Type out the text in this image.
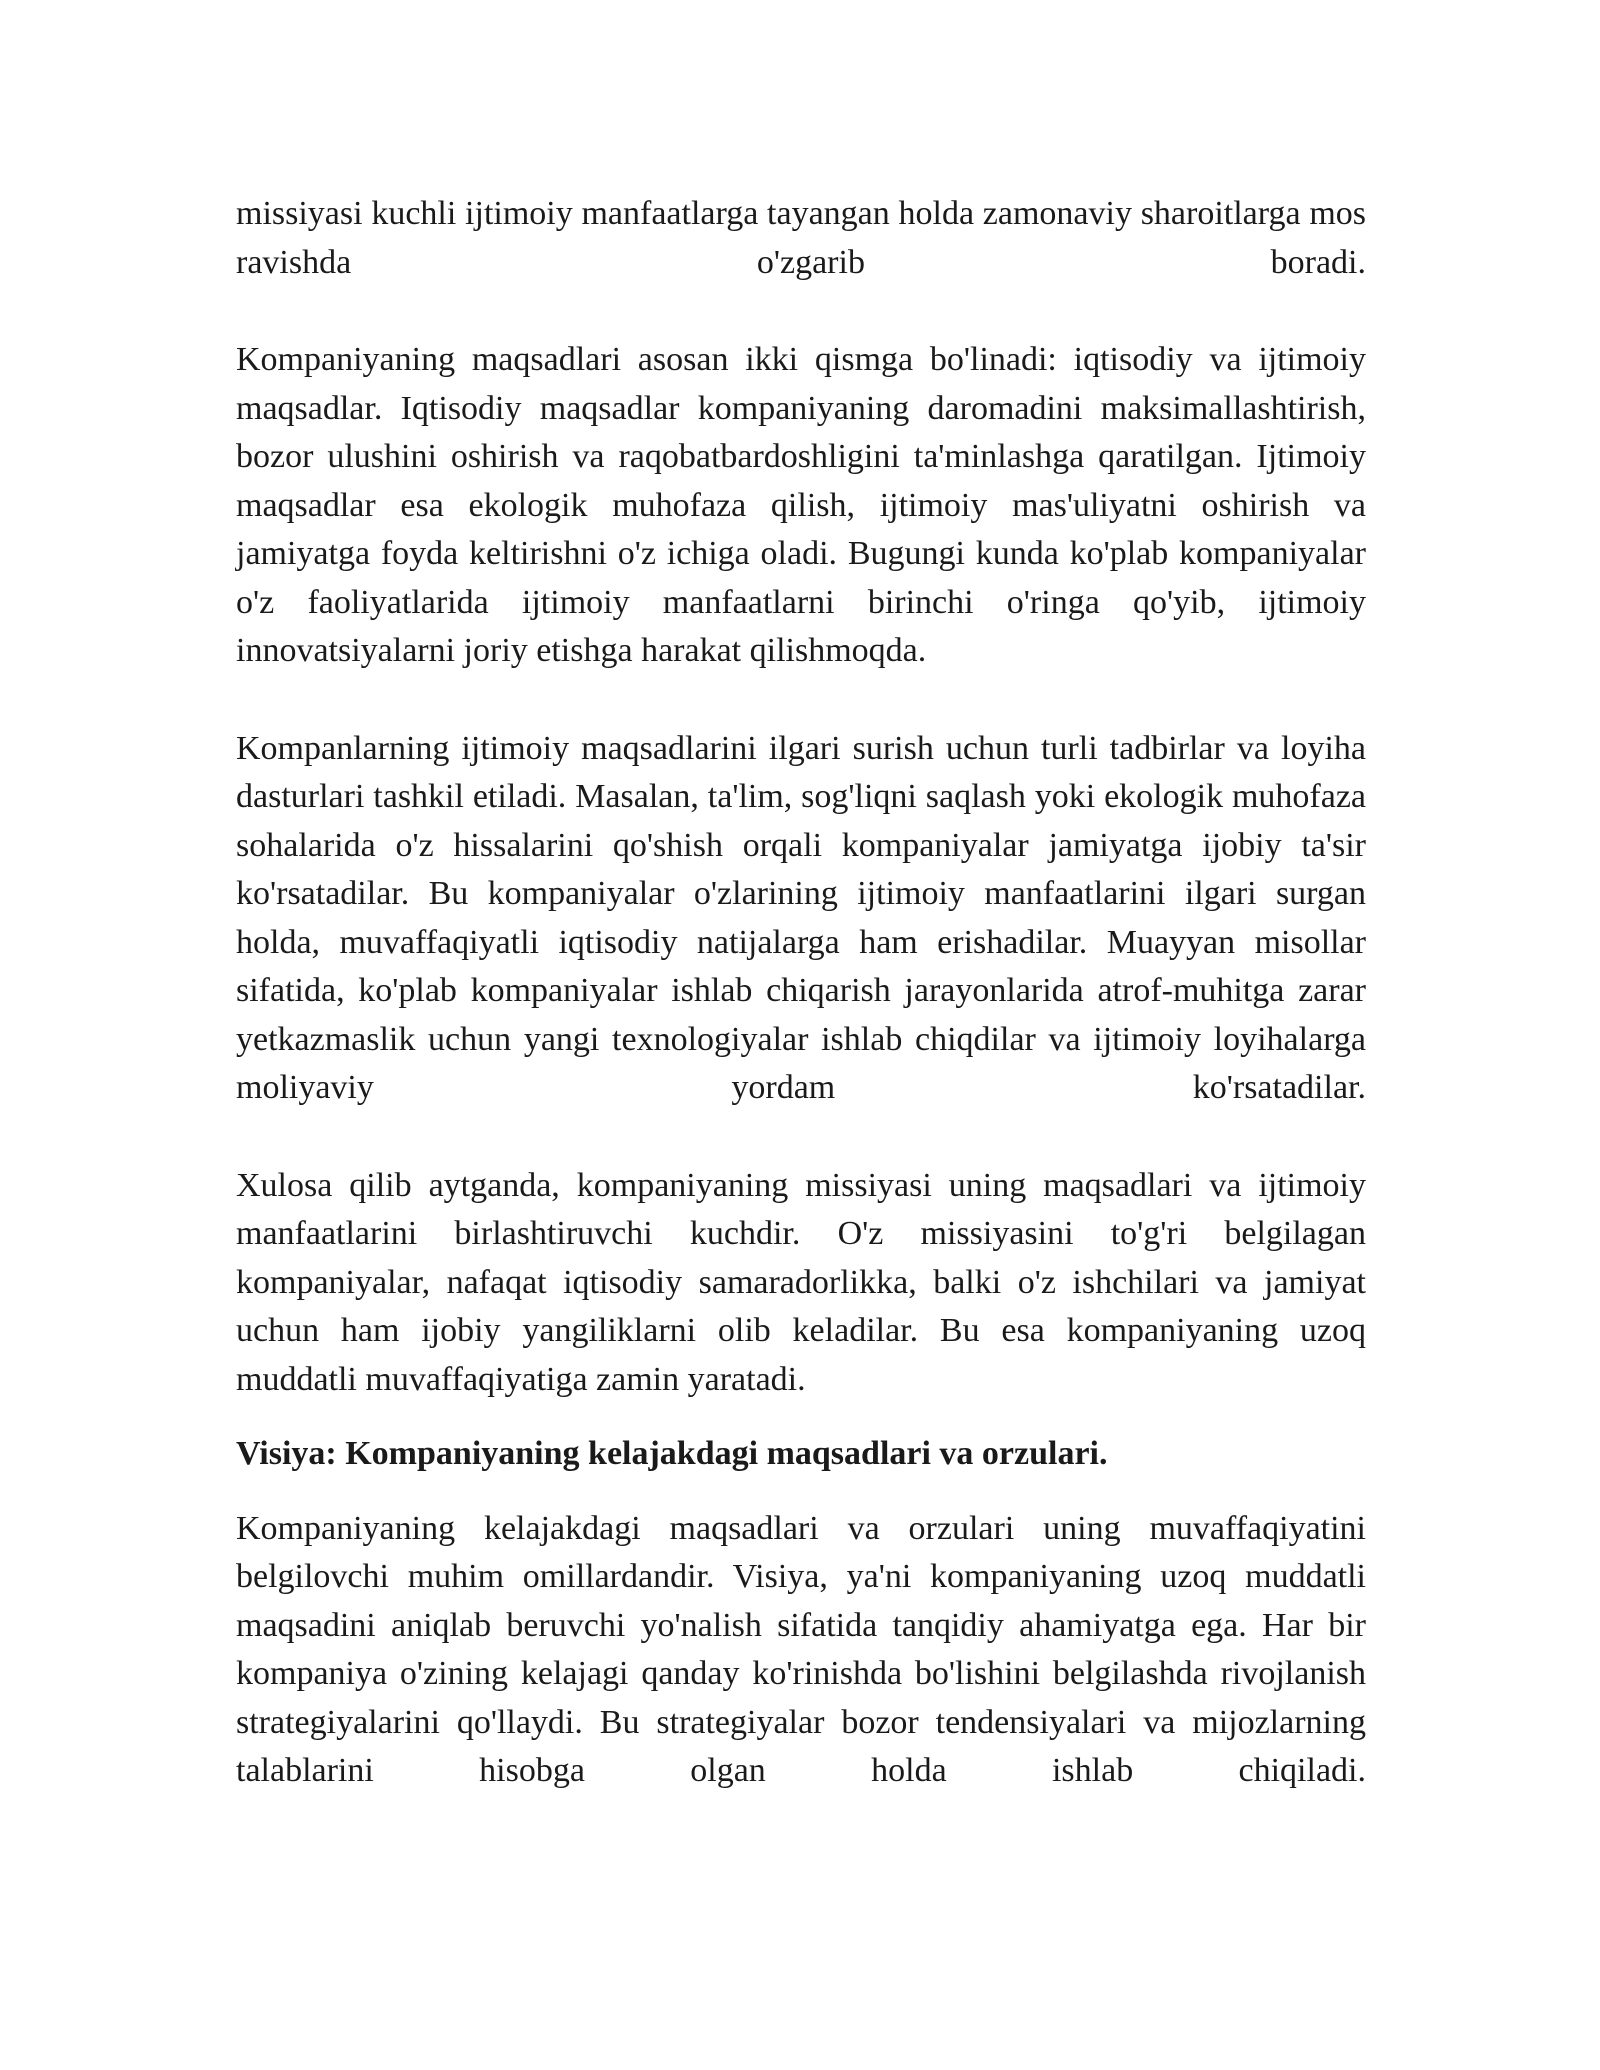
missiyasi kuchli ijtimoiy manfaatlarga tayangan holda zamonaviy sharoitlarga mos ravishda o'zgarib boradi.

Kompaniyaning maqsadlari asosan ikki qismga bo'linadi: iqtisodiy va ijtimoiy maqsadlar. Iqtisodiy maqsadlar kompaniyaning daromadini maksimallashtirish, bozor ulushini oshirish va raqobatbardoshligini ta'minlashga qaratilgan. Ijtimoiy maqsadlar esa ekologik muhofaza qilish, ijtimoiy mas'uliyatni oshirish va jamiyatga foyda keltirishni o'z ichiga oladi. Bugungi kunda ko'plab kompaniyalar o'z faoliyatlarida ijtimoiy manfaatlarni birinchi o'ringa qo'yib, ijtimoiy innovatsiyalarni joriy etishga harakat qilishmoqda.

Kompanlarning ijtimoiy maqsadlarini ilgari surish uchun turli tadbirlar va loyiha dasturlari tashkil etiladi. Masalan, ta'lim, sog'liqni saqlash yoki ekologik muhofaza sohalarida o'z hissalarini qo'shish orqali kompaniyalar jamiyatga ijobiy ta'sir ko'rsatadilar. Bu kompaniyalar o'zlarining ijtimoiy manfaatlarini ilgari surgan holda, muvaffaqiyatli iqtisodiy natijalarga ham erishadilar. Muayyan misollar sifatida, ko'plab kompaniyalar ishlab chiqarish jarayonlarida atrof-muhitga zarar yetkazmaslik uchun yangi texnologiyalar ishlab chiqdilar va ijtimoiy loyihalarga moliyaviy yordam ko'rsatadilar.

Xulosa qilib aytganda, kompaniyaning missiyasi uning maqsadlari va ijtimoiy manfaatlarini birlashtiruvchi kuchdir. O'z missiyasini to'g'ri belgilagan kompaniyalar, nafaqat iqtisodiy samaradorlikka, balki o'z ishchilari va jamiyat uchun ham ijobiy yangiliklarni olib keladilar. Bu esa kompaniyaning uzoq muddatli muvaffaqiyatiga zamin yaratadi.

Visiya: Kompaniyaning kelajakdagi maqsadlari va orzulari.

Kompaniyaning kelajakdagi maqsadlari va orzulari uning muvaffaqiyatini belgilovchi muhim omillardandir. Visiya, ya'ni kompaniyaning uzoq muddatli maqsadini aniqlab beruvchi yo'nalish sifatida tanqidiy ahamiyatga ega. Har bir kompaniya o'zining kelajagi qanday ko'rinishda bo'lishini belgilashda rivojlanish strategiyalarini qo'llaydi. Bu strategiyalar bozor tendensiyalari va mijozlarning talablarini hisobga olgan holda ishlab chiqiladi.
